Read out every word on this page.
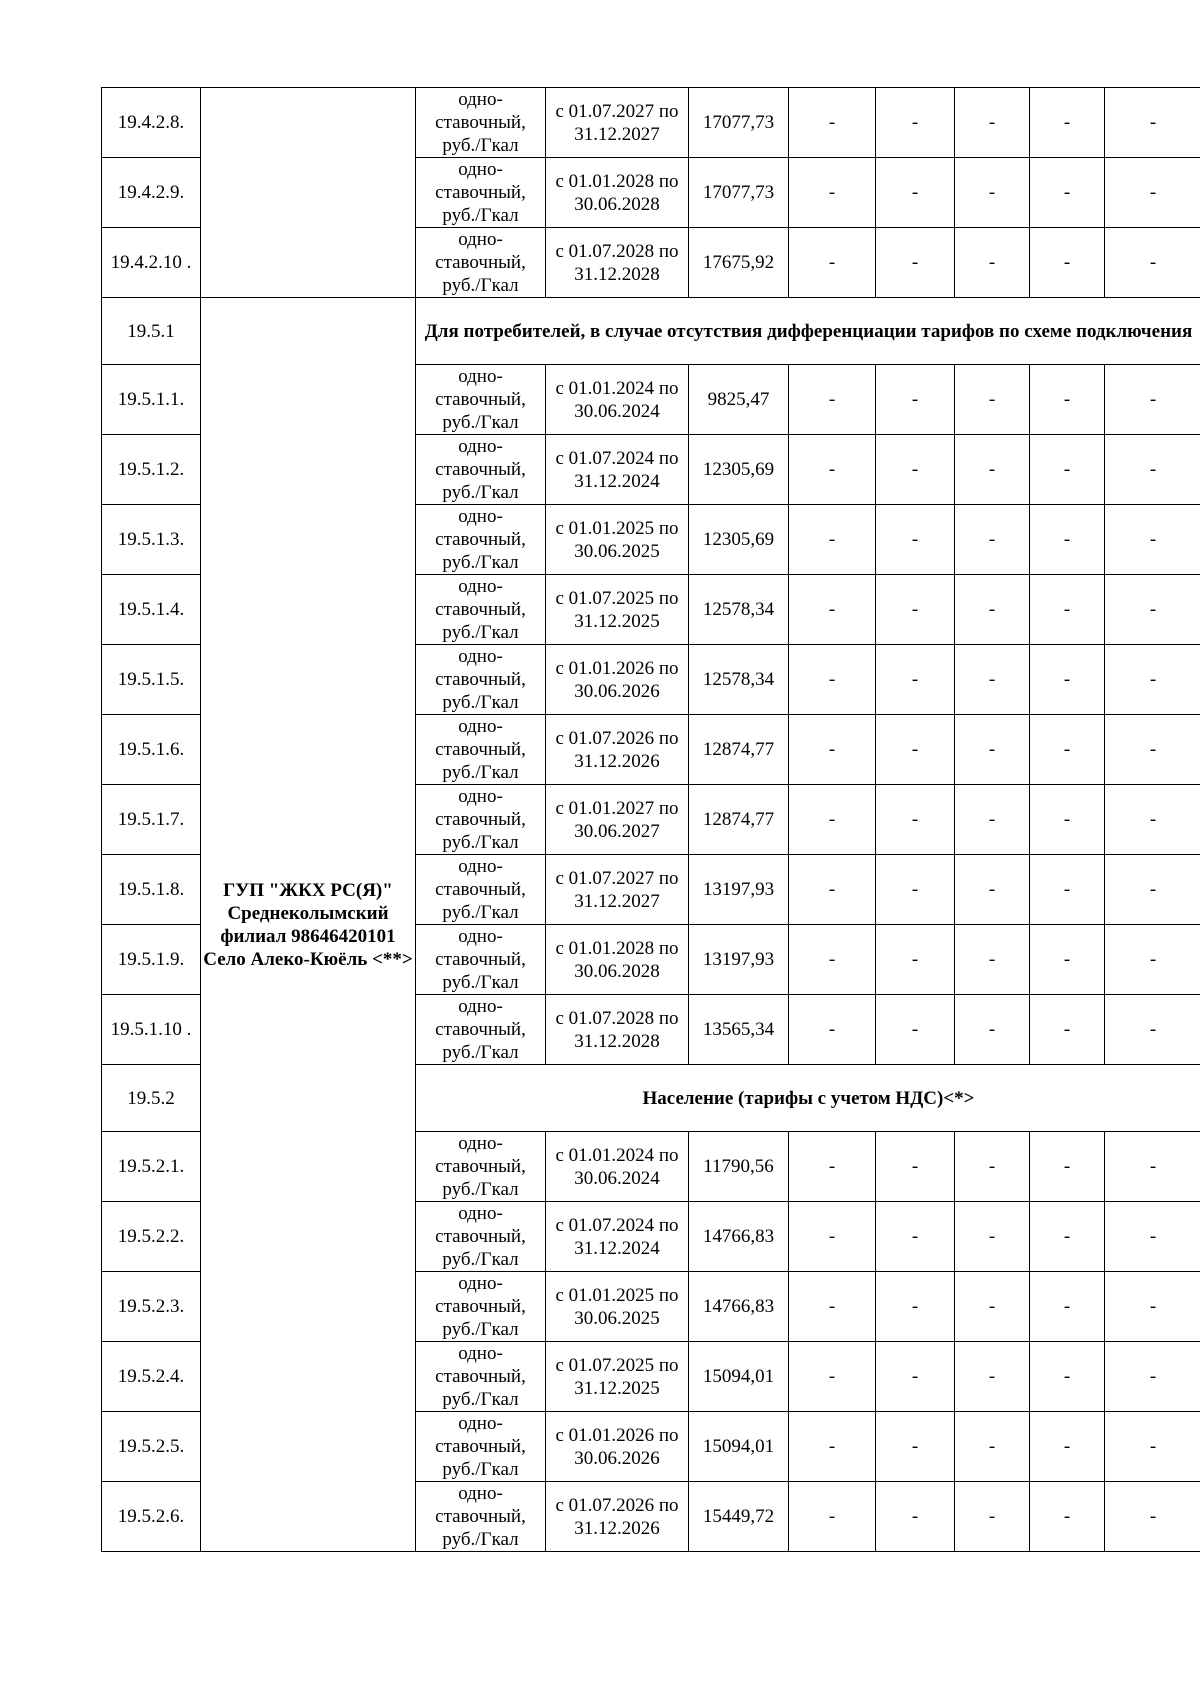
19.4.2.8.		одно-ставочный, руб./Гкал	с 01.07.2027 по 31.12.2027	17077,73	-	-	-	-	-
19.4.2.9.		одно-ставочный, руб./Гкал	с 01.01.2028 по 30.06.2028	17077,73	-	-	-	-	-
19.4.2.10 .		одно-ставочный, руб./Гкал	с 01.07.2028 по 31.12.2028	17675,92	-	-	-	-	-
19.5.1	ГУП "ЖКХ РС(Я)" Среднеколымский филиал 98646420101 Село Алеко-Кюёль <**>	Для потребителей, в случае отсутствия дифференциации тарифов по схеме подключения							
19.5.1.1.		одно-ставочный, руб./Гкал	с 01.01.2024 по 30.06.2024	9825,47	-	-	-	-	-
19.5.1.2.		одно-ставочный, руб./Гкал	с 01.07.2024 по 31.12.2024	12305,69	-	-	-	-	-
19.5.1.3.		одно-ставочный, руб./Гкал	с 01.01.2025 по 30.06.2025	12305,69	-	-	-	-	-
19.5.1.4.		одно-ставочный, руб./Гкал	с 01.07.2025 по 31.12.2025	12578,34	-	-	-	-	-
19.5.1.5.		одно-ставочный, руб./Гкал	с 01.01.2026 по 30.06.2026	12578,34	-	-	-	-	-
19.5.1.6.		одно-ставочный, руб./Гкал	с 01.07.2026 по 31.12.2026	12874,77	-	-	-	-	-
19.5.1.7.		одно-ставочный, руб./Гкал	с 01.01.2027 по 30.06.2027	12874,77	-	-	-	-	-
19.5.1.8.		одно-ставочный, руб./Гкал	с 01.07.2027 по 31.12.2027	13197,93	-	-	-	-	-
19.5.1.9.		одно-ставочный, руб./Гкал	с 01.01.2028 по 30.06.2028	13197,93	-	-	-	-	-
19.5.1.10 .		одно-ставочный, руб./Гкал	с 01.07.2028 по 31.12.2028	13565,34	-	-	-	-	-
19.5.2		Население (тарифы с учетом НДС)<*>							
19.5.2.1.		одно-ставочный, руб./Гкал	с 01.01.2024 по 30.06.2024	11790,56	-	-	-	-	-
19.5.2.2.		одно-ставочный, руб./Гкал	с 01.07.2024 по 31.12.2024	14766,83	-	-	-	-	-
19.5.2.3.		одно-ставочный, руб./Гкал	с 01.01.2025 по 30.06.2025	14766,83	-	-	-	-	-
19.5.2.4.		одно-ставочный, руб./Гкал	с 01.07.2025 по 31.12.2025	15094,01	-	-	-	-	-
19.5.2.5.		одно-ставочный, руб./Гкал	с 01.01.2026 по 30.06.2026	15094,01	-	-	-	-	-
19.5.2.6.		одно-ставочный, руб./Гкал	с 01.07.2026 по 31.12.2026	15449,72	-	-	-	-	-
